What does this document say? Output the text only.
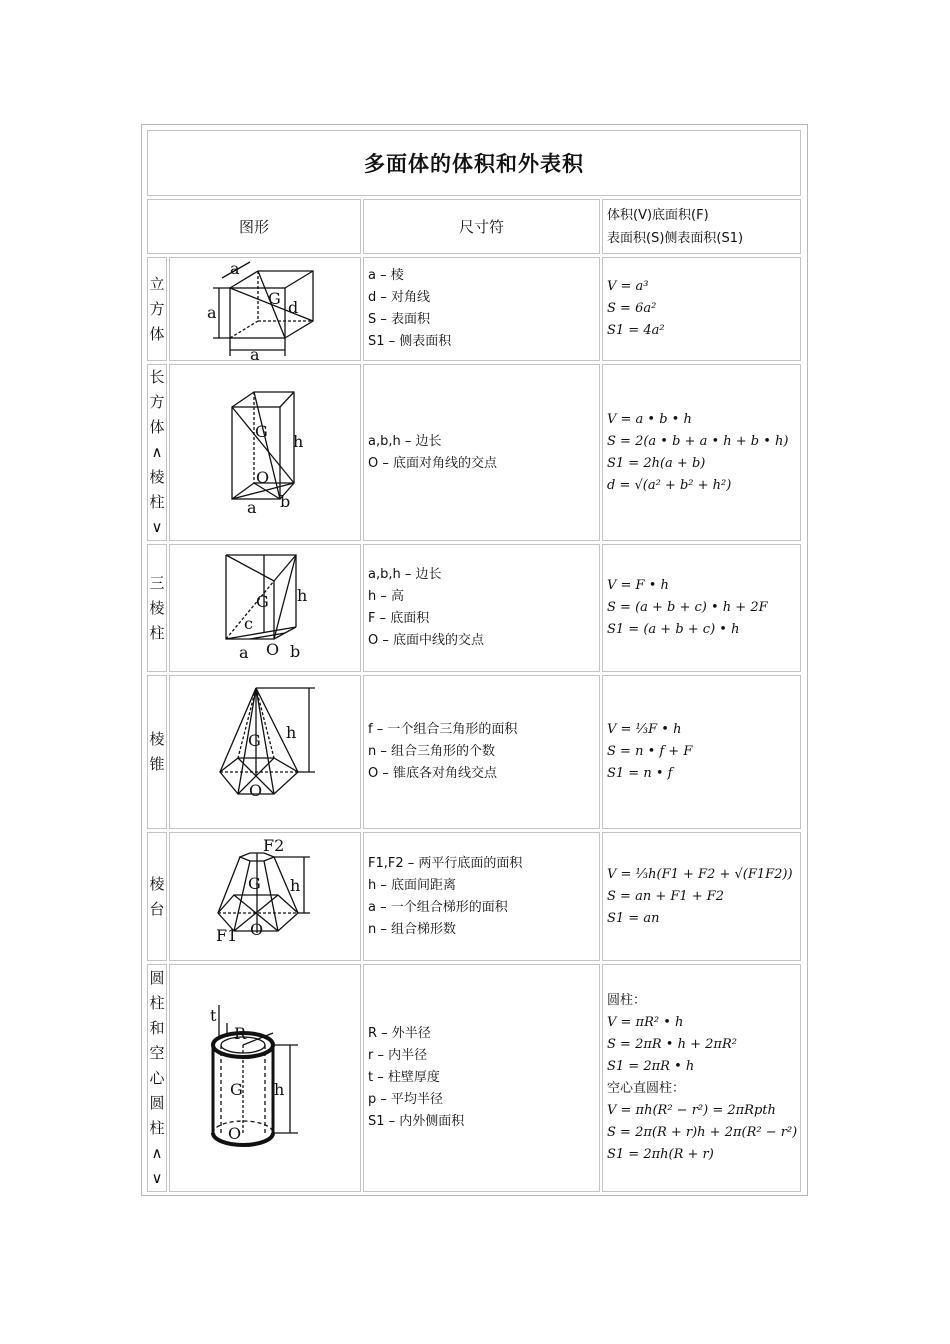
多面体的体积和外表积
图形	尺寸符
体积(V)底面积(F)
表面积(S)侧表面积(S1)
立
方
体
a
a
a
G d
a – 棱
d – 对角线
S – 表面积
S1 – 侧表面积
V = a³
S = 6a²
S1 = 4a²
长
方
体
∧
棱
柱
∨
G
h
O
a b
a,b,h – 边长
O – 底面对角线的交点
V = a • b • h
S = 2(a • b + a • h + b • h)
S1 = 2h(a + b)
d = √(a² + b² + h²)
三
棱
柱
G h
c
a O b
a,b,h – 边长
h – 高
F – 底面积
O – 底面中线的交点
V = F • h
S = (a + b + c) • h + 2F
S1 = (a + b + c) • h
棱
锥
G h
O
f – 一个组合三角形的面积
n – 组合三角形的个数
O – 锥底各对角线交点
V = ⅓F • h
S = n • f + F
S1 = n • f
棱
台
F2
G h
F1 O
F1,F2 – 两平行底面的面积
h – 底面间距离
a – 一个组合梯形的面积
n – 组合梯形数
V = ⅓h(F1 + F2 + √(F1F2))
S = an + F1 + F2
S1 = an
圆
柱
和
空
心
圆
柱
∧
∨
t
R
G h
O
R – 外半径
r – 内半径
t – 柱壁厚度
p – 平均半径
S1 – 内外侧面积
圆柱：
V = πR² • h
S = 2πR • h + 2πR²
S1 = 2πR • h
空心直圆柱：
V = πh(R² − r²) = 2πRpth
S = 2π(R + r)h + 2π(R² − r²)
S1 = 2πh(R + r)
